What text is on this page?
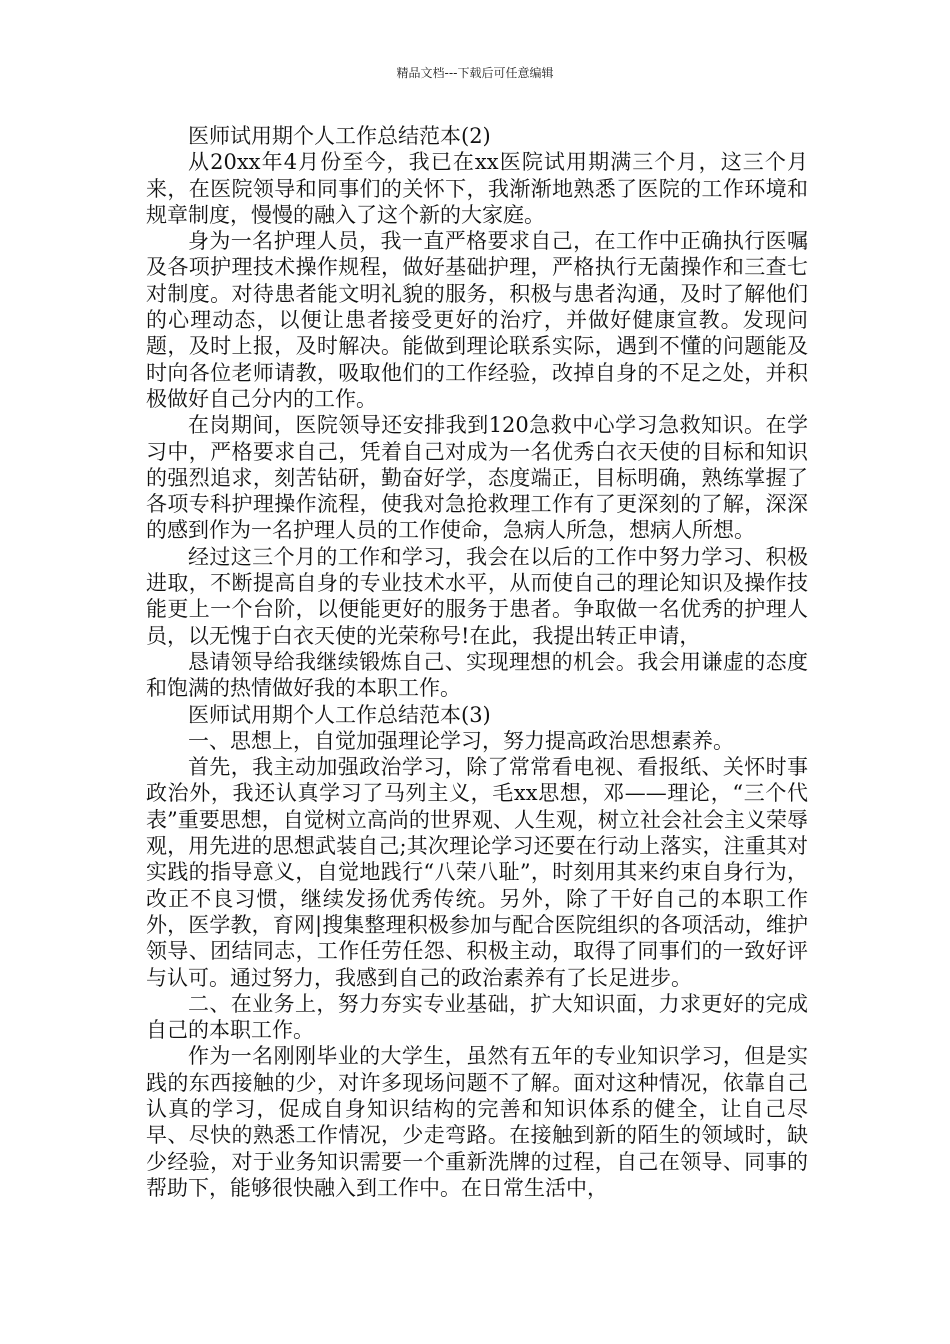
精品文档---下载后可任意编辑

医师试用期个人工作总结范本(2)

从20xx年4月份至今，我已在xx医院试用期满三个月，这三个月来，在医院领导和同事们的关怀下，我渐渐地熟悉了医院的工作环境和规章制度，慢慢的融入了这个新的大家庭。

身为一名护理人员，我一直严格要求自己，在工作中正确执行医嘱及各项护理技术操作规程，做好基础护理，严格执行无菌操作和三查七对制度。对待患者能文明礼貌的服务，积极与患者沟通，及时了解他们的心理动态，以便让患者接受更好的治疗，并做好健康宣教。发现问题，及时上报，及时解决。能做到理论联系实际，遇到不懂的问题能及时向各位老师请教，吸取他们的工作经验，改掉自身的不足之处，并积极做好自己分内的工作。

在岗期间，医院领导还安排我到120急救中心学习急救知识。在学习中，严格要求自己，凭着自己对成为一名优秀白衣天使的目标和知识的强烈追求，刻苦钻研，勤奋好学，态度端正，目标明确，熟练掌握了各项专科护理操作流程，使我对急抢救理工作有了更深刻的了解，深深的感到作为一名护理人员的工作使命，急病人所急，想病人所想。

经过这三个月的工作和学习，我会在以后的工作中努力学习、积极进取，不断提高自身的专业技术水平，从而使自己的理论知识及操作技能更上一个台阶，以便能更好的服务于患者。争取做一名优秀的护理人员，以无愧于白衣天使的光荣称号!在此，我提出转正申请，

恳请领导给我继续锻炼自己、实现理想的机会。我会用谦虚的态度和饱满的热情做好我的本职工作。

医师试用期个人工作总结范本(3)

一、思想上，自觉加强理论学习，努力提高政治思想素养。

首先，我主动加强政治学习，除了常常看电视、看报纸、关怀时事政治外，我还认真学习了马列主义，毛xx思想，邓——理论，“三个代表”重要思想，自觉树立高尚的世界观、人生观，树立社会社会主义荣辱观，用先进的思想武装自己;其次理论学习还要在行动上落实，注重其对实践的指导意义，自觉地践行“八荣八耻”，时刻用其来约束自身行为，改正不良习惯，继续发扬优秀传统。另外，除了干好自己的本职工作外，医学教，育网|搜集整理积极参加与配合医院组织的各项活动，维护领导、团结同志，工作任劳任怨、积极主动，取得了同事们的一致好评与认可。通过努力，我感到自己的政治素养有了长足进步。

二、在业务上，努力夯实专业基础，扩大知识面，力求更好的完成自己的本职工作。

作为一名刚刚毕业的大学生，虽然有五年的专业知识学习，但是实践的东西接触的少，对许多现场问题不了解。面对这种情况，依靠自己认真的学习，促成自身知识结构的完善和知识体系的健全，让自己尽早、尽快的熟悉工作情况，少走弯路。在接触到新的陌生的领域时，缺少经验，对于业务知识需要一个重新洗牌的过程，自己在领导、同事的帮助下，能够很快融入到工作中。在日常生活中，
